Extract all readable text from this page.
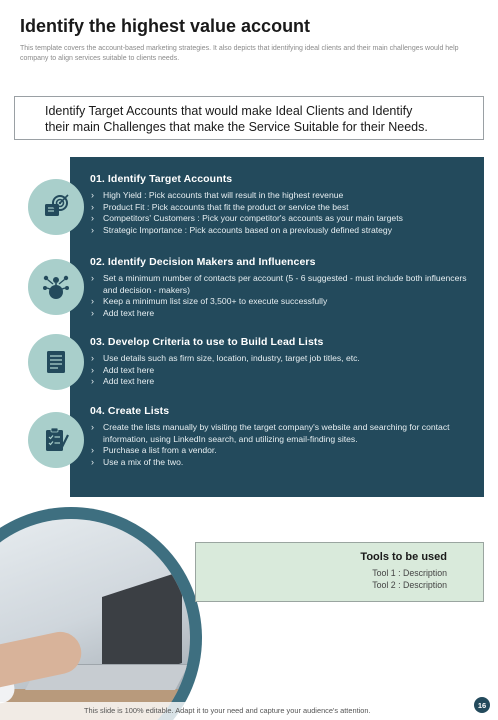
Identify the highest value account
This template covers the account-based marketing strategies. It also depicts that identifying ideal clients and their main challenges would help company to align services suitable to clients needs.
Identify Target Accounts that would make Ideal Clients and Identify
their main Challenges that make the Service Suitable for their Needs.
01. Identify Target Accounts
› High Yield : Pick accounts that will result in the highest revenue
› Product Fit : Pick accounts that fit the product or service the best
› Competitors' Customers : Pick your competitor's accounts as your main targets
› Strategic Importance : Pick accounts based on a previously defined strategy
02. Identify Decision Makers and Influencers
› Set a minimum number of contacts per account (5 - 6 suggested - must include both influencers and decision - makers)
› Keep a minimum list size of 3,500+ to execute successfully
› Add text here
03. Develop Criteria to use to Build Lead Lists
› Use details such as firm size, location, industry, target job titles, etc.
› Add text here
› Add text here
04. Create Lists
› Create the lists manually by visiting the target company's website and searching for contact information, using LinkedIn search, and utilizing email-finding sites.
› Purchase a list from a vendor.
› Use a mix of the two.
Tools to be used

Tool 1 : Description

Tool 2 : Description

This slide is 100% editable. Adapt it to your need and capture your audience's attention.
16
